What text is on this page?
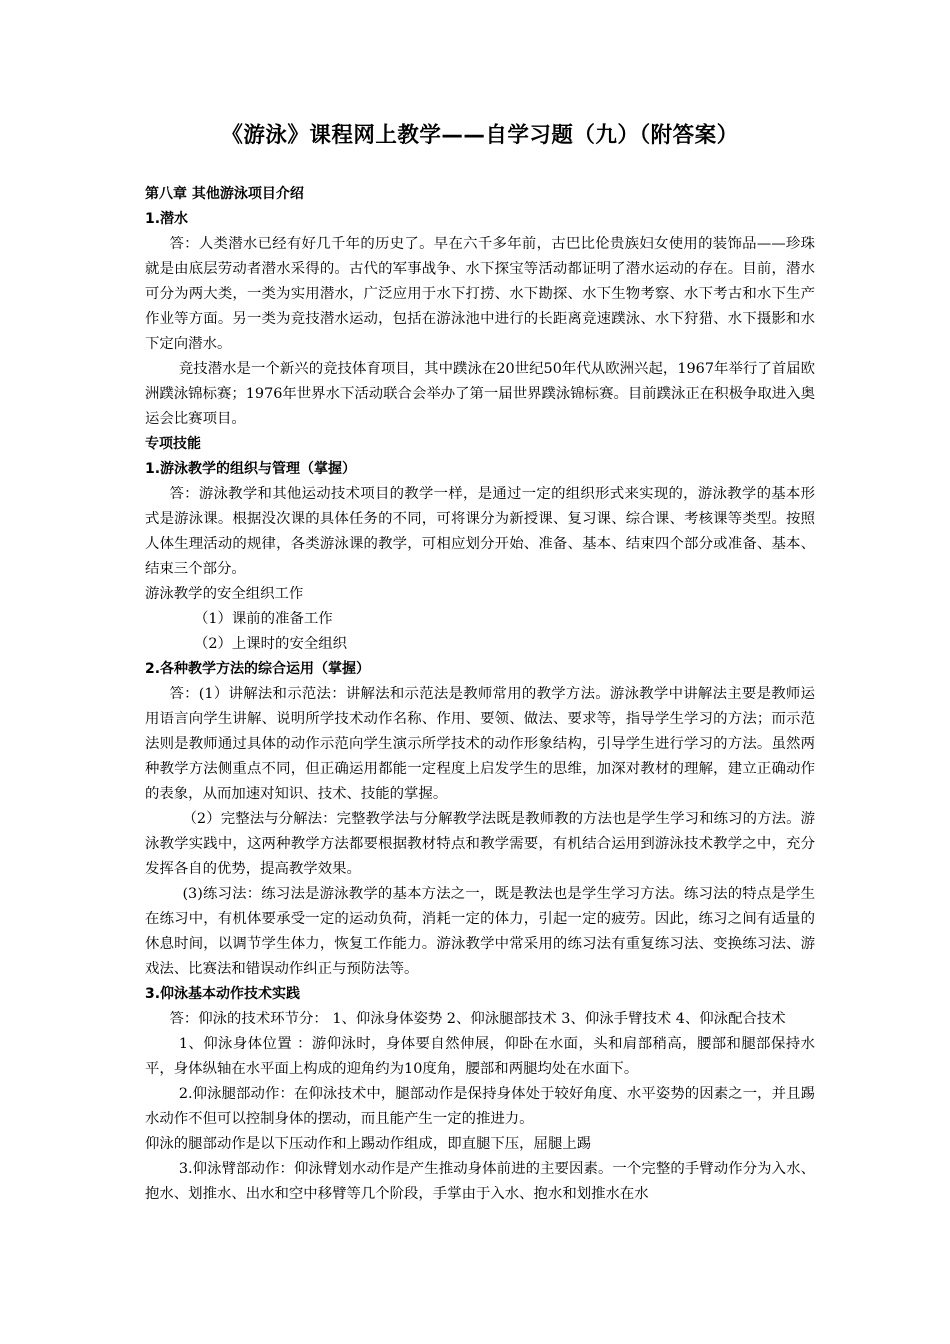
《游泳》课程网上教学——自学习题（九）（附答案）
第八章 其他游泳项目介绍
1.潜水

答：人类潜水已经有好几千年的历史了。早在六千多年前，古巴比伦贵族妇女使用的装饰品——珍珠就是由底层劳动者潜水采得的。古代的军事战争、水下探宝等活动都证明了潜水运动的存在。目前，潜水可分为两大类，一类为实用潜水，广泛应用于水下打捞、水下勘探、水下生物考察、水下考古和水下生产作业等方面。另一类为竞技潜水运动，包括在游泳池中进行的长距离竞速蹼泳、水下狩猎、水下摄影和水下定向潜水。

竞技潜水是一个新兴的竞技体育项目，其中蹼泳在20世纪50年代从欧洲兴起，1967年举行了首届欧洲蹼泳锦标赛；1976年世界水下活动联合会举办了第一届世界蹼泳锦标赛。目前蹼泳正在积极争取进入奥运会比赛项目。

专项技能
1.游泳教学的组织与管理（掌握）

答：游泳教学和其他运动技术项目的教学一样，是通过一定的组织形式来实现的，游泳教学的基本形式是游泳课。根据没次课的具体任务的不同，可将课分为新授课、复习课、综合课、考核课等类型。按照人体生理活动的规律，各类游泳课的教学，可相应划分开始、准备、基本、结束四个部分或准备、基本、结束三个部分。

游泳教学的安全组织工作

（1）课前的准备工作

（2）上课时的安全组织

2.各种教学方法的综合运用（掌握）

答：(1）讲解法和示范法：讲解法和示范法是教师常用的教学方法。游泳教学中讲解法主要是教师运用语言向学生讲解、说明所学技术动作名称、作用、要领、做法、要求等，指导学生学习的方法；而示范法则是教师通过具体的动作示范向学生演示所学技术的动作形象结构，引导学生进行学习的方法。虽然两种教学方法侧重点不同，但正确运用都能一定程度上启发学生的思维，加深对教材的理解，建立正确动作的表象，从而加速对知识、技术、技能的掌握。

（2）完整法与分解法：完整教学法与分解教学法既是教师教的方法也是学生学习和练习的方法。游泳教学实践中，这两种教学方法都要根据教材特点和教学需要，有机结合运用到游泳技术教学之中，充分发挥各自的优势，提高教学效果。

(3)练习法：练习法是游泳教学的基本方法之一，既是教法也是学生学习方法。练习法的特点是学生在练习中，有机体要承受一定的运动负荷，消耗一定的体力，引起一定的疲劳。因此，练习之间有适量的休息时间，以调节学生体力，恢复工作能力。游泳教学中常采用的练习法有重复练习法、变换练习法、游戏法、比赛法和错误动作纠正与预防法等。

3.仰泳基本动作技术实践

答：仰泳的技术环节分： 1、仰泳身体姿势 2、仰泳腿部技术 3、仰泳手臂技术 4、仰泳配合技术

1、仰泳身体位置 ：游仰泳时，身体要自然伸展，仰卧在水面，头和肩部稍高，腰部和腿部保持水平，身体纵轴在水平面上构成的迎角约为10度角，腰部和两腿均处在水面下。

2.仰泳腿部动作：在仰泳技术中，腿部动作是保持身体处于较好角度、水平姿势的因素之一，并且踢水动作不但可以控制身体的摆动，而且能产生一定的推进力。

仰泳的腿部动作是以下压动作和上踢动作组成，即直腿下压，屈腿上踢

3.仰泳臂部动作：仰泳臂划水动作是产生推动身体前进的主要因素。一个完整的手臂动作分为入水、抱水、划推水、出水和空中移臂等几个阶段，手掌由于入水、抱水和划推水在水
